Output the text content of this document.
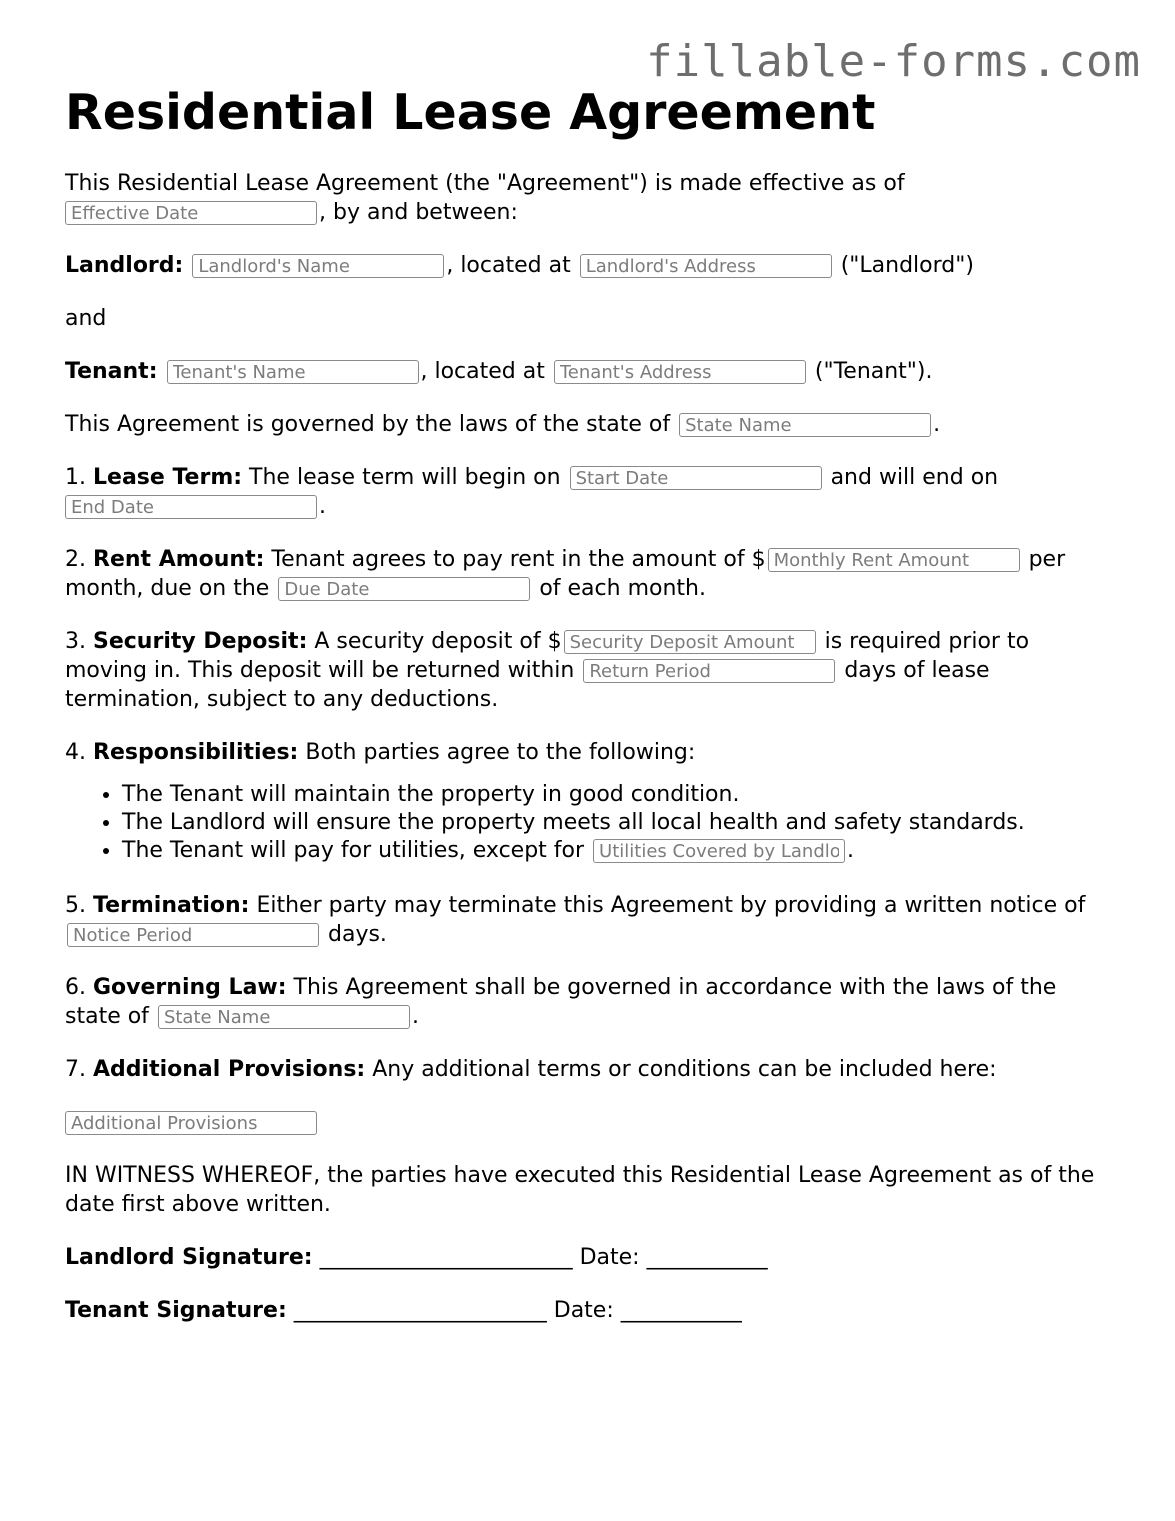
fillable-forms.com
Residential Lease Agreement

This Residential Lease Agreement (the "Agreement") is made effective as of
Effective Date, by and between:

Landlord: Landlord's Name	, located at Landlord's Address	("Landlord")

and

Tenant: Tenant's Name	, located at Tenant's Address	("Tenant").

This Agreement is governed by the laws of the state of State Name	.

1. Lease Term: The lease term will begin on Start Date	and will end on
End Date.

2. Rent Amount: Tenant agrees to pay rent in the amount of $Monthly Rent Amount	per month, due on the Due Date	of each month.

3. Security Deposit: A security deposit of $Security Deposit Amount	is required prior to moving in. This deposit will be returned within Return Period	days of lease termination, subject to any deductions.

4. Responsibilities: Both parties agree to the following:

• The Tenant will maintain the property in good condition.
• The Landlord will ensure the property meets all local health and safety standards.
• The Tenant will pay for utilities, except for Utilities Covered by Landlord	.

5. Termination: Either party may terminate this Agreement by providing a written notice of Notice Period days.

6. Governing Law: This Agreement shall be governed in accordance with the laws of the state of State Name	.

7. Additional Provisions: Any additional terms or conditions can be included here:

Additional Provisions

IN WITNESS WHEREOF, the parties have executed this Residential Lease Agreement as of the date first above written.

Landlord Signature: _______________________ Date: ___________

Tenant Signature: _______________________ Date: ___________
